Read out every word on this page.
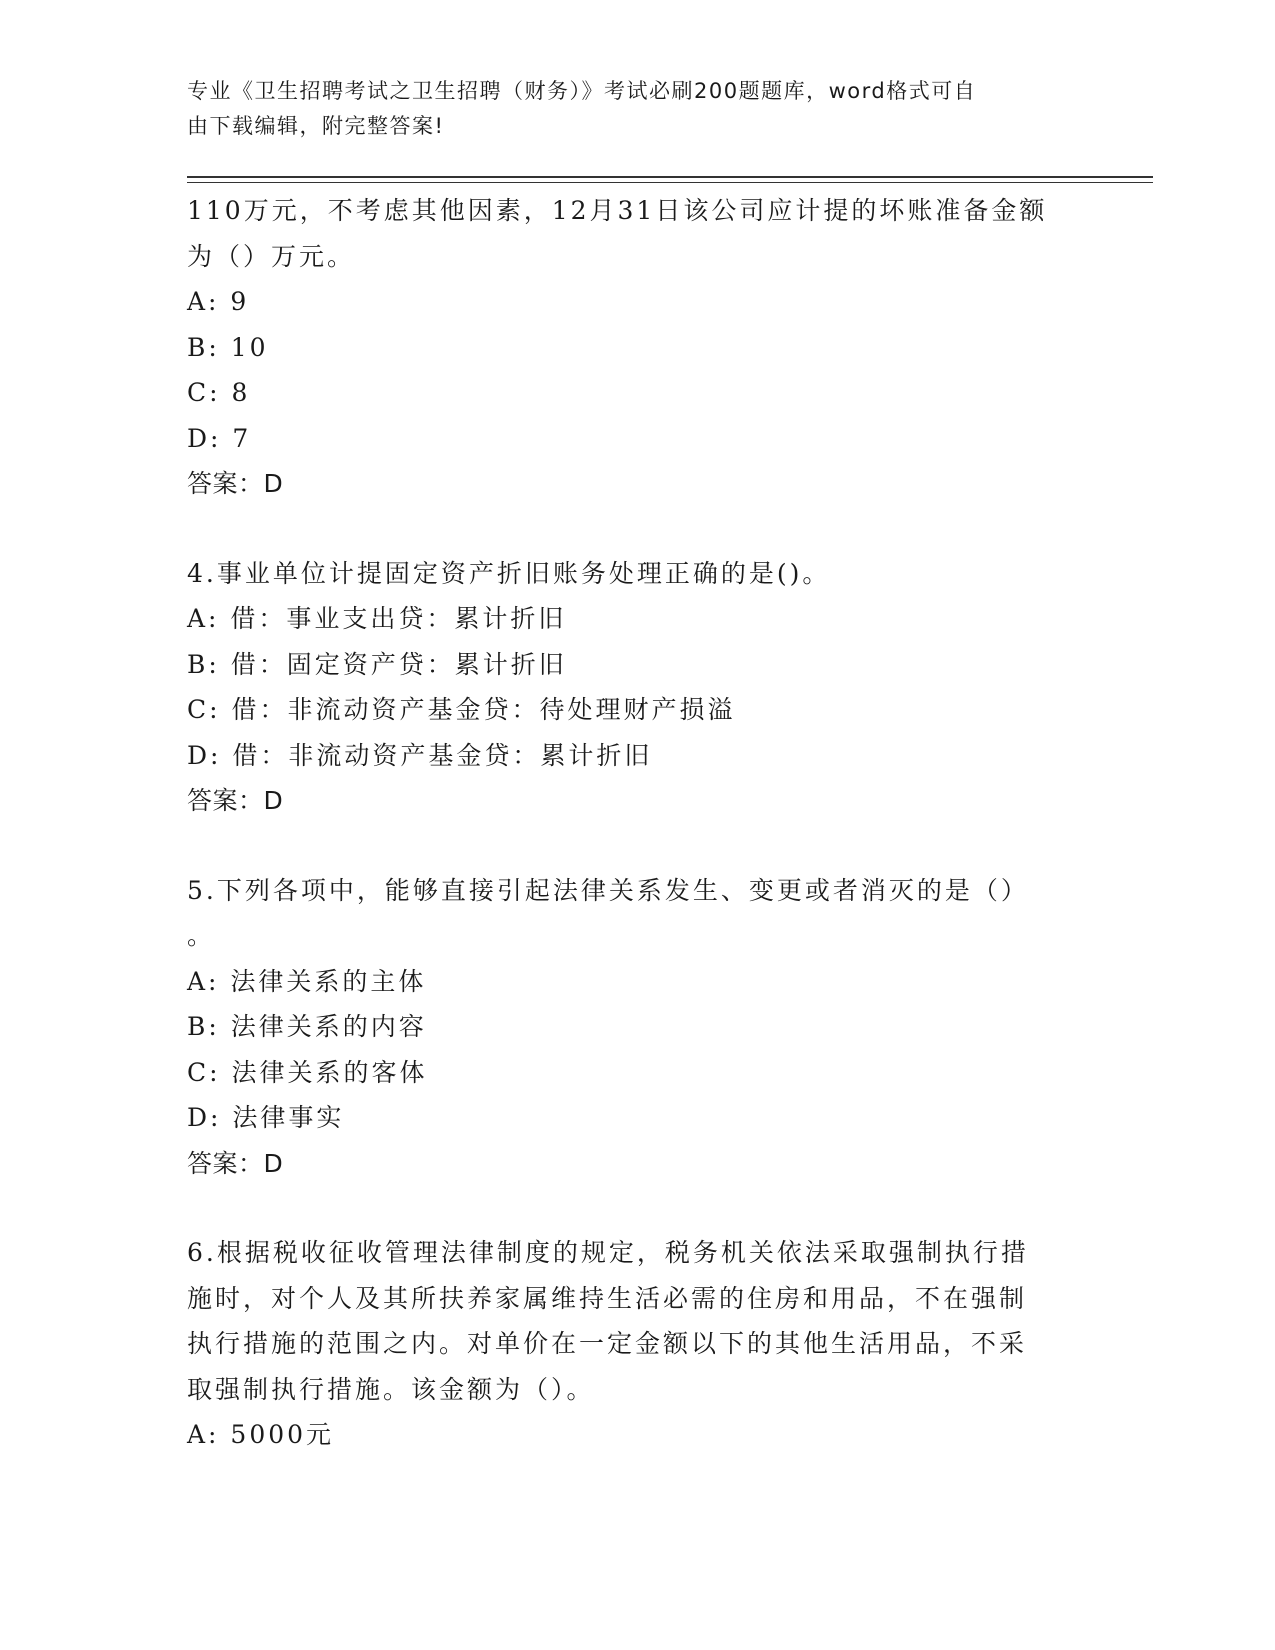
专业《卫生招聘考试之卫生招聘（财务）》考试必刷200题题库，word格式可自
由下载编辑，附完整答案!
110万元，不考虑其他因素，12月31日该公司应计提的坏账准备金额
为（）万元。
A: 9
B: 10
C: 8
D: 7
答案：D
4.事业单位计提固定资产折旧账务处理正确的是()。
A: 借：事业支出贷：累计折旧
B: 借：固定资产贷：累计折旧
C: 借：非流动资产基金贷：待处理财产损溢
D: 借：非流动资产基金贷：累计折旧
答案：D
5.下列各项中，能够直接引起法律关系发生、变更或者消灭的是（）
。
A: 法律关系的主体
B: 法律关系的内容
C: 法律关系的客体
D: 法律事实
答案：D
6.根据税收征收管理法律制度的规定，税务机关依法采取强制执行措
施时，对个人及其所扶养家属维持生活必需的住房和用品，不在强制
执行措施的范围之内。对单价在一定金额以下的其他生活用品，不采
取强制执行措施。该金额为（）。
A: 5000元
